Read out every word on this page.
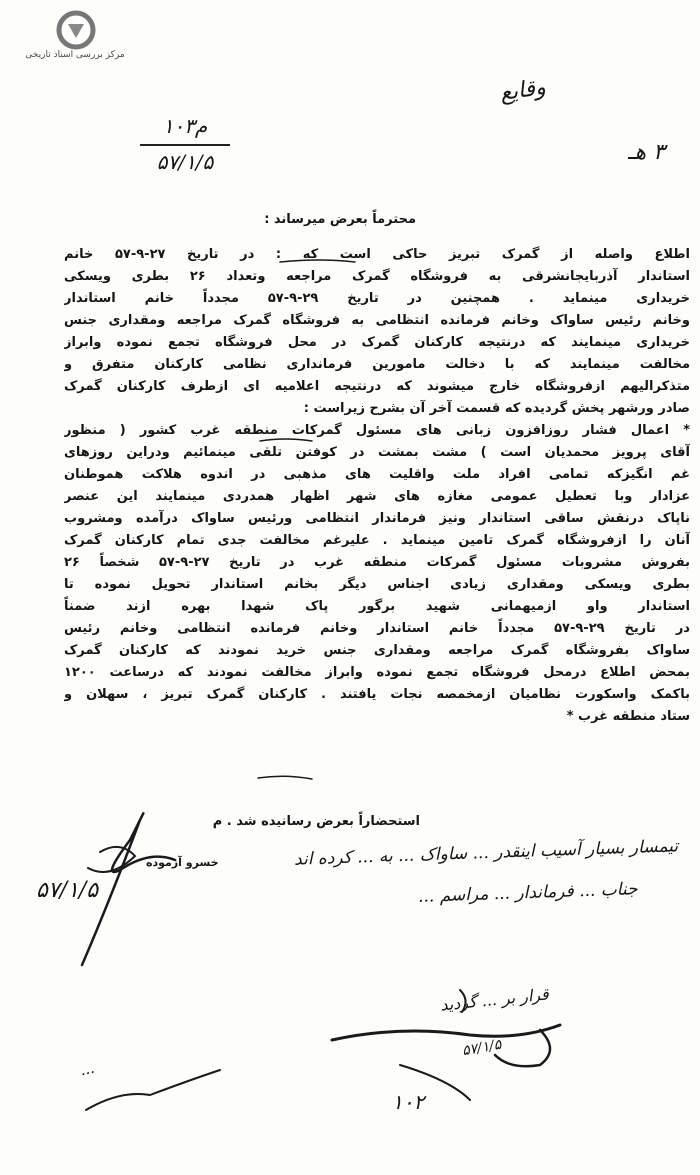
مرکز بررسی اسناد تاریخی
وقایع
۳ هـ
۱۰۳م
۵۷/۱/۵
محترماً بعرض میرساند :
اطلاع واصله از گمرک تبریز حاکی است که : در تاریخ ۲۷-۹-۵۷ خانم
استاندار آذربایجانشرقی به فروشگاه گمرک مراجعه وتعداد ۲۶ بطری ویسکی
خریداری مینماید . همچنین در تاریخ ۲۹-۹-۵۷ مجدداً خانم استاندار
وخانم رئیس ساواک وخانم فرمانده انتظامی به فروشگاه گمرک مراجعه ومقداری جنس
خریداری مینمایند که درنتیجه کارکنان گمرک در محل فروشگاه تجمع نموده وابراز
مخالفت مینمایند که با دخالت مامورین فرمانداری نظامی کارکنان متفرق و
متذکرالیهم ازفروشگاه خارج میشوند که درنتیجه اعلامیه ای ازطرف کارکنان گمرک
صادر ورشهر پخش گردیده که قسمت آخر آن بشرح زیراست :
* اعمال فشار روزافزون زبانی های مسئول گمرکات منطقه غرب کشور ( منظور
آقای پرویز محمدیان است ) مشت بمشت در کوفتن تلقی مینمائیم ودراین روزهای
غم انگیزکه تمامی افراد ملت واقلیت های مذهبی در اندوه هلاکت هموطنان
عزادار وبا تعطیل عمومی مغازه های شهر اظهار همدردی مینمایند این عنصر
ناپاک درنقش ساقی استاندار ونیز فرماندار انتظامی ورئیس ساواک درآمده ومشروب
آنان را ازفروشگاه گمرک تامین مینماید . علیرغم مخالفت جدی تمام کارکنان گمرک
بفروش مشروبات مسئول گمرکات منطقه غرب در تاریخ ۲۷-۹-۵۷ شخصاً ۲۶
بطری ویسکی ومقداری زیادی اجناس دیگر بخانم استاندار تحویل نموده تا
استاندار واو ازمیهمانی شهید برگور پاک شهدا بهره ازند ضمناً
در تاریخ ۲۹-۹-۵۷ مجدداً خانم استاندار وخانم فرمانده انتظامی وخانم رئیس
ساواک بفروشگاه گمرک مراجعه ومقداری جنس خرید نمودند که کارکنان گمرک
بمحض اطلاع درمحل فروشگاه تجمع نموده وابراز مخالفت نمودند که درساعت ۱۲۰۰
باکمک واسکورت نظامیان ازمخمصه نجات یافتند . کارکنان گمرک تبریز ، سهلان و
ستاد منطقه غرب *
استحضاراً بعرض رسانیده شد . م
تیمسار بسیار آسیب اینقدر ... ساواک ... به ... کرده اند
جناب ... فرماندار ... مراسم ...
خسرو آزموده
۵۷/۱/۵
قرار بر ... گردید
۵۷/۱/۵
۱۰۲
...
